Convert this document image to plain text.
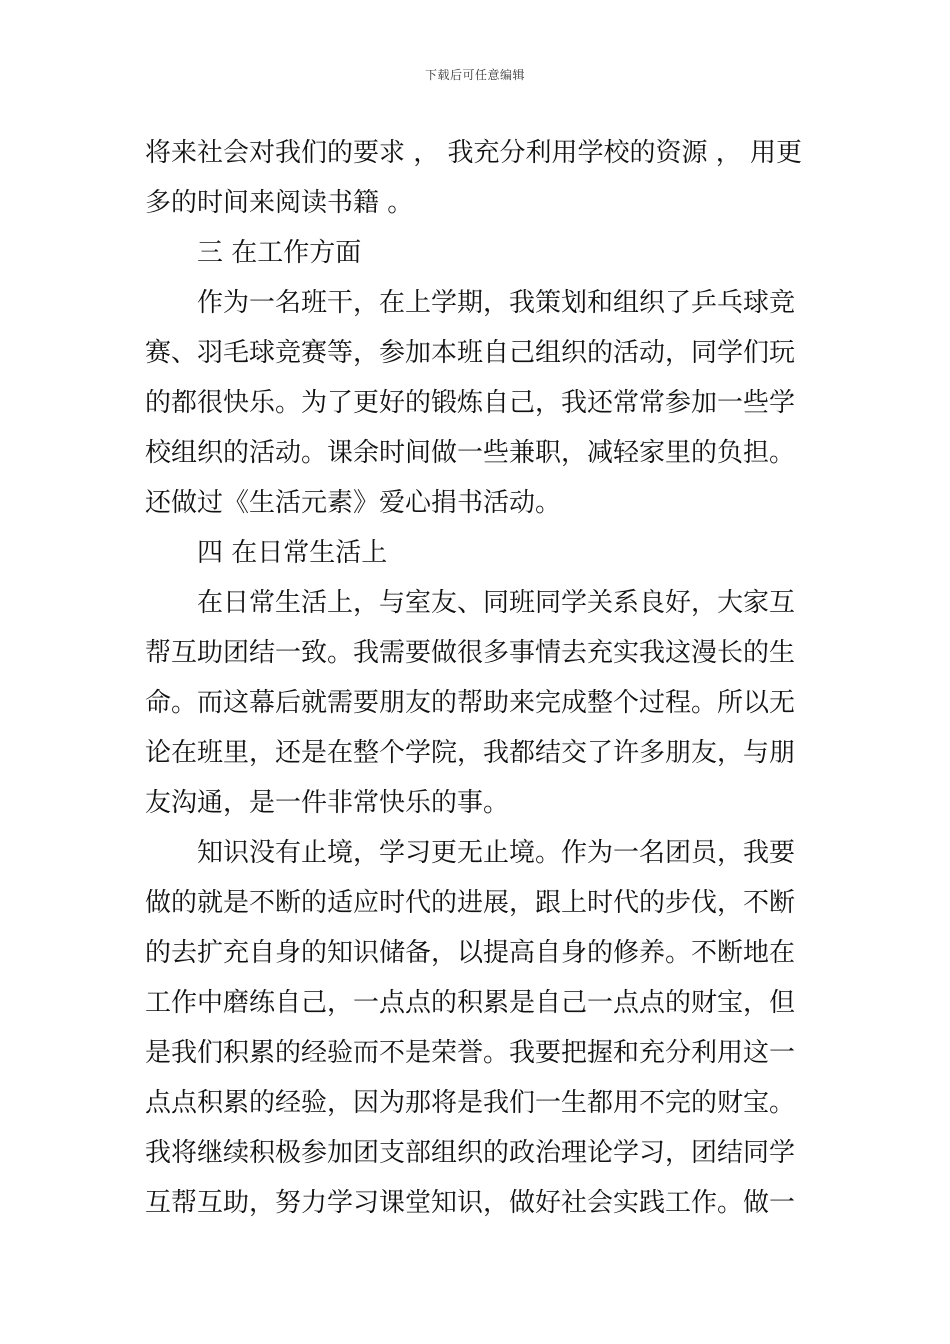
下载后可任意编辑
将来社会对我们的要求 ， 我充分利用学校的资源 ， 用更
多的时间来阅读书籍 。
三 在工作方面
作为一名班干，在上学期，我策划和组织了乒乓球竞
赛、羽毛球竞赛等，参加本班自己组织的活动，同学们玩
的都很快乐。为了更好的锻炼自己，我还常常参加一些学
校组织的活动。课余时间做一些兼职，减轻家里的负担。
还做过《生活元素》爱心捐书活动。
四 在日常生活上
在日常生活上，与室友、同班同学关系良好，大家互
帮互助团结一致。我需要做很多事情去充实我这漫长的生
命。而这幕后就需要朋友的帮助来完成整个过程。所以无
论在班里，还是在整个学院，我都结交了许多朋友，与朋
友沟通，是一件非常快乐的事。
知识没有止境，学习更无止境。作为一名团员，我要
做的就是不断的适应时代的进展，跟上时代的步伐，不断
的去扩充自身的知识储备，以提高自身的修养。不断地在
工作中磨练自己，一点点的积累是自己一点点的财宝，但
是我们积累的经验而不是荣誉。我要把握和充分利用这一
点点积累的经验，因为那将是我们一生都用不完的财宝。
我将继续积极参加团支部组织的政治理论学习，团结同学
互帮互助，努力学习课堂知识，做好社会实践工作。做一
